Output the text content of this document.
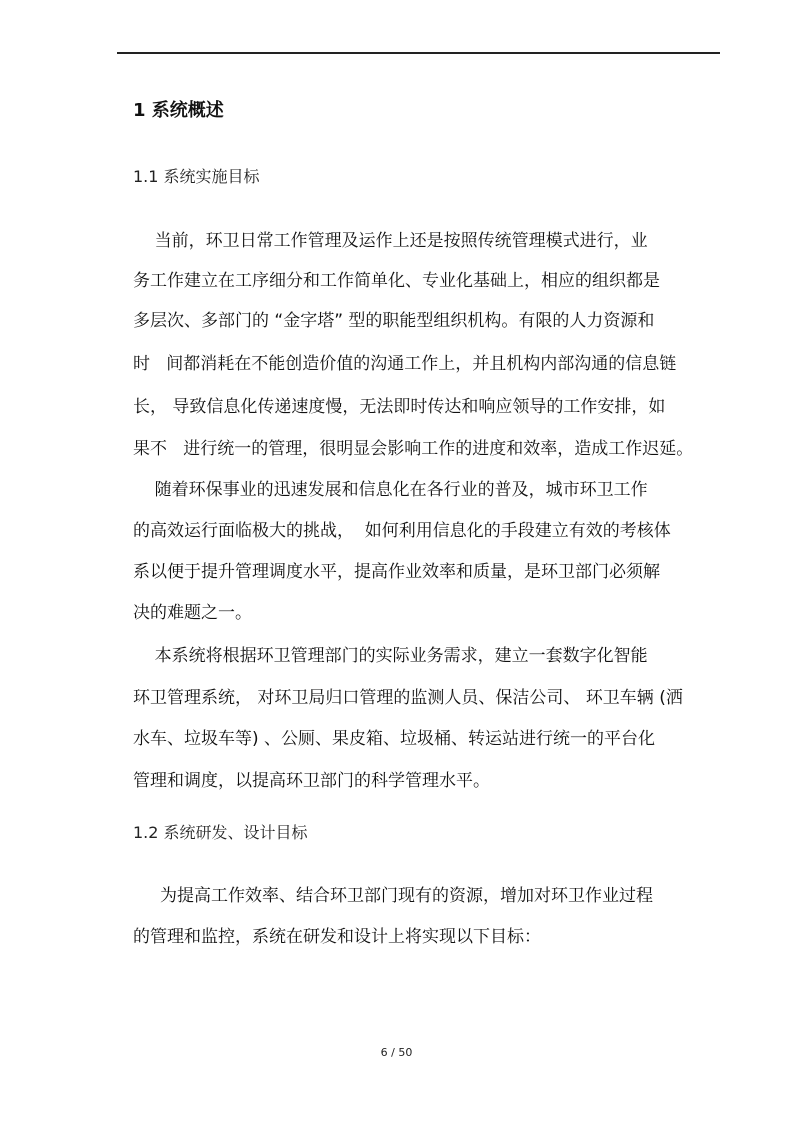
1 系统概述
1.1 系统实施目标
当前，环卫日常工作管理及运作上还是按照传统管理模式进行，业
务工作建立在工序细分和工作简单化、专业化基础上，相应的组织都是
多层次、多部门的 “金字塔” 型的职能型组织机构。有限的人力资源和
时   间都消耗在不能创造价值的沟通工作上，并且机构内部沟通的信息链
长， 导致信息化传递速度慢，无法即时传达和响应领导的工作安排，如
果不   进行统一的管理，很明显会影响工作的进度和效率，造成工作迟延。
随着环保事业的迅速发展和信息化在各行业的普及，城市环卫工作
的高效运行面临极大的挑战，  如何利用信息化的手段建立有效的考核体
系以便于提升管理调度水平，提高作业效率和质量，是环卫部门必须解
决的难题之一。
本系统将根据环卫管理部门的实际业务需求，建立一套数字化智能
环卫管理系统， 对环卫局归口管理的监测人员、保洁公司、 环卫车辆 (洒
水车、垃圾车等) 、公厕、果皮箱、垃圾桶、转运站进行统一的平台化
管理和调度，以提高环卫部门的科学管理水平。
1.2 系统研发、设计目标
为提高工作效率、结合环卫部门现有的资源，增加对环卫作业过程
的管理和监控，系统在研发和设计上将实现以下目标：
6 / 50
